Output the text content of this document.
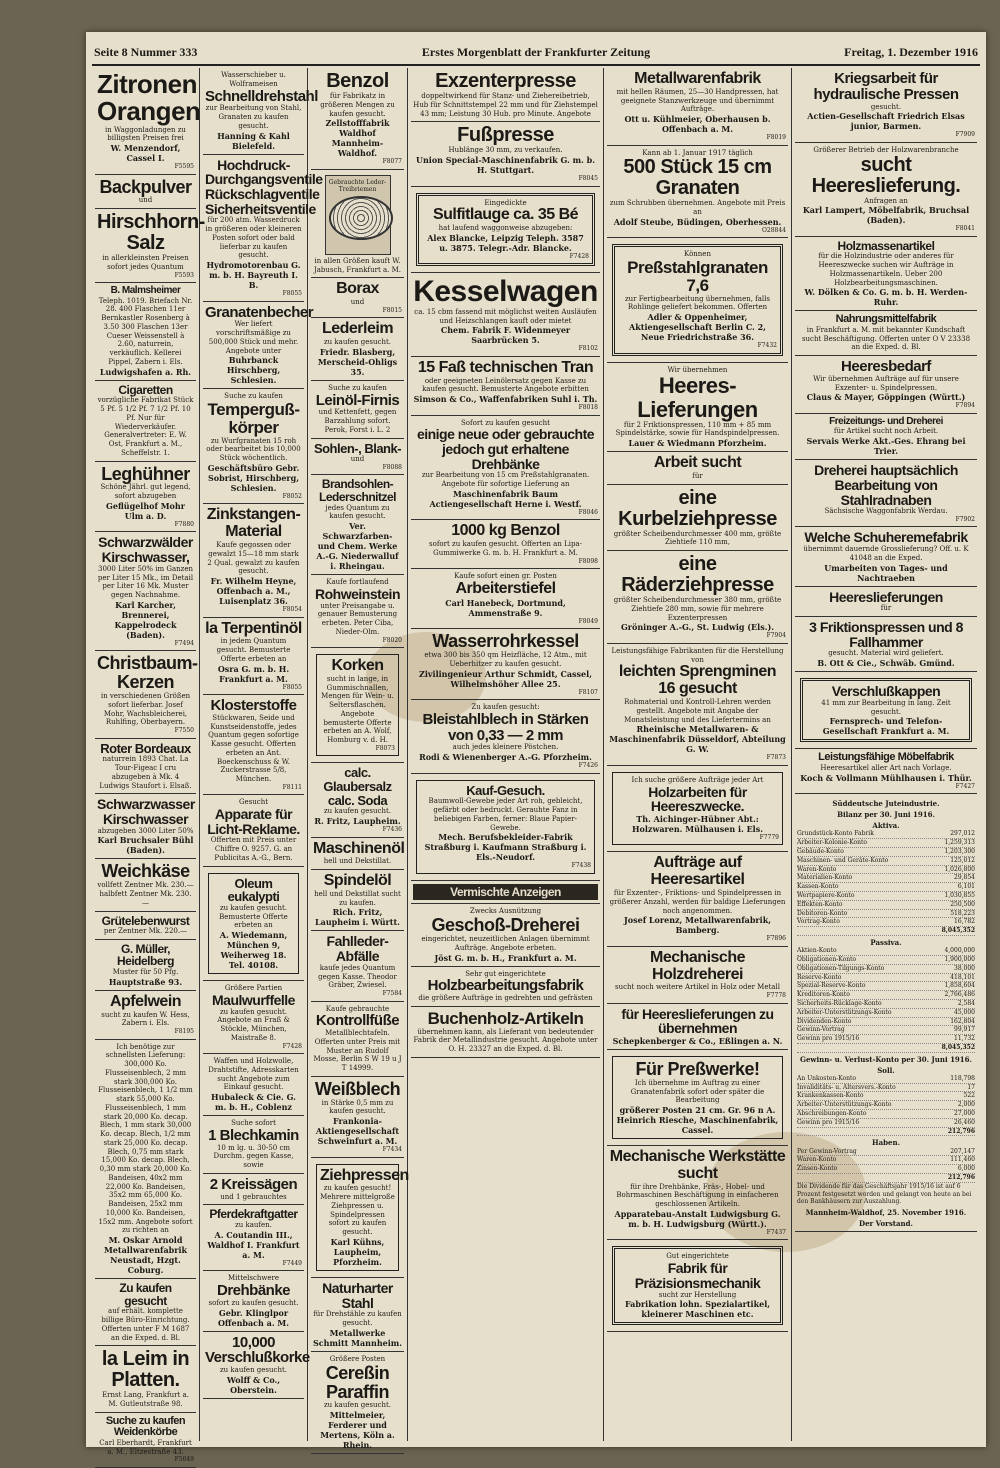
Seite 8 Nummer 333	Erstes Morgenblatt der Frankfurter Zeitung	Freitag, 1. Dezember 1916
Zitronen Orangen
in Waggonladungen zu billigsten Preisen frei
W. Menzendorf, Cassel I.
F5595
Backpulver
und
Hirschhorn-Salz
in allerkleinsten Preisen sofort jedes Quantum
F5593
B. Malmsheimer
Teleph. 1019. Briefach Nr. 28. 400 Flaschen 11er Bernkastler Rosenberg à 3.50 300 Flaschen 13er Cueser Weissenstell à 2.60, naturrein, verkäuflich. Kellerei Pippel, Zabern i. Els.
Ludwigshafen a. Rh.
Cigaretten
vorzügliche Fabrikat Stück 5 Pf. 5 1/2 Pf. 7 1/2 Pf. 10 Pf. Nur für Wiederverkäufer. Generalvertreter: E. W. Ost, Frankfurt a. M., Scheffelstr. 1.
Leghühner
Schöne Jährl. gut legend, sofort abzugeben
Geflügelhof Mohr Ulm a. D.
F7880
Schwarzwälder Kirschwasser,
3000 Liter 50% im Ganzen per Liter 15 Mk., im Detail per Liter 16 Mk. Muster gegen Nachnahme.
Karl Karcher, Brennerei, Kappelrodeck (Baden).
F7494
Christbaum-Kerzen
in verschiedenen Größen sofort lieferbar. Josef Mohr, Wachsbleicherei, Ruhlfing, Oberbayern.
F7550
Roter Bordeaux
naturrein 1893 Chat. La Tour-Figeac I cru abzugeben à Mk. 4 Ludwigs Staufort i. Elsaß.
Schwarzwasser Kirschwasser
abzugeben 3000 Liter 50%
Karl Bruchsaler Bühl (Baden).
Weichkäse
vollfett Zentner Mk. 230.— halbfett Zentner Mk. 230.—
Grütelebenwurst
per Zentner Mk. 220.—
G. Müller, Heidelberg
Muster für 50 Pfg.
Hauptstraße 93.
Apfelwein
sucht zu kaufen W. Hess, Zabern i. Els.
F8195
Ich benötige zur schnellsten Lieferung: 300,000 Ko. Flusseisenblech, 2 mm stark 300,000 Ko. Flusseisenblech, 1 1/2 mm stark 55,000 Ko. Flusseisenblech, 1 mm stark 20,000 Ko. decap. Blech, 1 mm stark 30,000 Ko. decap. Blech, 1/2 mm stark 25,000 Ko. decap. Blech, 0,75 mm stark 15,000 Ko. decap. Blech, 0,30 mm stark 20,000 Ko. Bandeisen, 40x2 mm 22,000 Ko. Bandeisen, 35x2 mm 65,000 Ko. Bandeisen, 25x2 mm 10,000 Ko. Bandeisen, 15x2 mm. Angebote sofort zu richten an
M. Oskar Arnold Metallwarenfabrik Neustadt, Hzgt. Coburg.
Zu kaufen gesucht
auf erhält. komplette billige Büro-Einrichtung. Offerten unter F M 1687 an die Exped. d. Bl.
la Leim in Platten.
Ernst Lang, Frankfurt a. M. Gutleutstraße 98.
Suche zu kaufen Weidenkörbe
Carl Eberhardt, Frankfurt a. M., Eltzestraße 43.
F5049
Wasserschieber u. Wolframeisen
Schnelldrehstahl
zur Bearbeitung von Stahl, Granaten zu kaufen gesucht.
Hanning & Kahl Bielefeld.
Hochdruck-Durchgangsventile Rückschlagventile Sicherheitsventile
für 200 atm. Wasserdruck in größeren oder kleineren Posten sofort oder bald lieferbar zu kaufen gesucht.
Hydromotorenbau G. m. b. H. Bayreuth I. B.
F8055
Granatenbecher
Wer liefert vorschriftsmäßige zu 500,000 Stück und mehr. Angebote unter
Buhrbanck Hirschberg, Schlesien.
Suche zu kaufen
Temperguß-körper
zu Wurfgranaten 15 roh oder bearbeitet bis 10,000 Stück wöchentlich.
Geschäftsbüro Gebr. Sobrist, Hirschberg, Schlesien.
F8052
Zinkstangen-Material
Kaufe gegossen oder gewalzt 15—18 mm stark 2 Qual. gewalzt zu kaufen gesucht.
Fr. Wilhelm Heyne, Offenbach a. M., Luisenplatz 36.
F8054
la Terpentinöl
in jedem Quantum gesucht. Bemusterte Offerte erbeten an
Osra G. m. b. H. Frankfurt a. M.
F8055
Klosterstoffe
Stückwaren, Seide und Kunstseidenstoffe, jedes Quantum gegen sofortige Kasse gesucht. Offerten erbeten an Ant. Boeckenschuss & W. Zuckerstrasse 5/8, München.
F8111
Gesucht
Apparate für Licht-Reklame.
Offerten mit Preis unter Chiffre O. 9257. G. an Publicitas A.-G., Bern.
Oleum eukalypti
zu kaufen gesucht. Bemusterte Offerte erbeten an
A. Wiedemann, München 9, Weiherweg 18. Tel. 40108.
Größere Partien
Maulwurffelle
zu kaufen gesucht. Angebote an Fraß & Stöckle, München, Maistraße 8.
F7428
Waffen und Holzwolle, Drahtstifte, Adresskarten sucht Angebote zum Einkauf gesucht.
Hubaleck & Cie. G. m. b. H., Coblenz
Suche sofort
1 Blechkamin
10 m lg. u. 30-50 cm Durchm. gegen Kasse, sowie
2 Kreissägen
und 1 gebrauchtes
Pferdekraftgatter
zu kaufen.
A. Coutandin III., Waldhof I. Frankfurt a. M.
F7449
Mittelschwere
Drehbänke
sofort zu kaufen gesucht.
Gebr. Klinglpor Offenbach a. M.
10,000 Verschlußkorke
zu kaufen gesucht.
Wolff & Co., Oberstein.
Benzol
für Fabrikatz in größeren Mengen zu kaufen gesucht.
Zellstofffabrik Waldhof Mannheim-Waldhof.
F8077
Gebrauchte Leder-Treibriemen
in allen Größen kauft W. Jabusch, Frankfurt a. M.
Borax
und
F8015
Lederleim
zu kaufen gesucht.
Friedr. Blasberg, Merscheid-Ohligs 35.
Suche zu kaufen
Leinöl-Firnis
und Kettenfett, gegen Barzahlung sofort. Perok, Forst i. L. 2
Sohlen-, Blank-
und
F8088
Brandsohlen-Lederschnitzel
jedes Quantum zu kaufen gesucht.
Ver. Schwarzfarben- und Chem. Werke A.-G. Niederwalluf i. Rheingau.
Kaufe fortlaufend
Rohweinstein
unter Preisangabe u. genauer Bemusterung erbeten. Peter Ciba, Nieder-Olm.
F8020
Korken
sucht in lange, in Gummischnallen, Mengen für Wein- u. Seltersflaschen. Angebote bemusterte Offerte erbeten an A. Wolf, Homburg v. d. H.
F8073
calc. Glaubersalz calc. Soda
zu kaufen gesucht.
R. Fritz, Laupheim.
F7436
Maschinenöl
hell und Dekstillat.
Spindelöl
hell und Dekstillat sucht zu kaufen.
Rich. Fritz, Laupheim i. Württ.
Fahlleder-Abfälle
kaufe jedes Quantum gegen Kasse. Theodor Gräber, Zwiesel.
F7584
Kaufe gebrauchte
Kontrollfüße
Metallblechtafeln. Offerten unter Preis mit Muster an Rudolf Mosse, Berlin S W 19 u J T 14999.
Weißblech
in Stärke 0,5 mm zu kaufen gesucht.
Frankonia-Aktiengesellschaft Schweinfurt a. M.
F7434
Ziehpressen
zu kaufen gesucht! Mehrere mittelgroße Ziehpressen u. Spindelpressen sofort zu kaufen gesucht.
Karl Kühns, Laupheim, Pforzheim.
Naturharter Stahl
für Drehstähle zu kaufen gesucht.
Metallwerke Schmitt Mannheim.
Größere Posten
Cereßin Paraffin
zu kaufen gesucht.
Mittelmeier, Ferderer und Mertens, Köln a. Rhein.
Exzenterpresse
doppeltwirkend für Stanz- und Ziehereibetrieb, Hub für Schnittstempel 22 mm und für Ziehstempel 43 mm; Leistung 30 Hub. pro Minute. Angebote
Fußpresse
Hublänge 30 mm, zu verkaufen.
Union Special-Maschinenfabrik G. m. b. H. Stuttgart.
F8045
Eingedickte
Sulfitlauge ca. 35 Bé
hat laufend waggonweise abzugeben:
Alex Blancke, Leipzig Teleph. 3587 u. 3875. Telegr.-Adr. Blancke.
F7428
Kesselwagen
ca. 15 cbm fassend mit möglichst weiten Ausläufen und Heizschlangen kauft oder mietet
Chem. Fabrik F. Widenmeyer Saarbrücken 5.
F8102
15 Faß technischen Tran
oder geeigneten Leinölersatz gegen Kasse zu kaufen gesucht. Bemusterte Angebote erbitten
Simson & Co., Waffenfabriken Suhl i. Th.
F8018
Sofort zu kaufen gesucht
einige neue oder gebrauchte jedoch gut erhaltene Drehbänke
zur Bearbeitung von 15 cm Preßstahlgranaten. Angebote für sofortige Lieferung an
Maschinenfabrik Baum Actiengesellschaft Herne i. Westf.
F8046
1000 kg Benzol
sofort zu kaufen gesucht. Offerten an Lipa-Gummiwerke G. m. b. H. Frankfurt a. M.
F8098
Kaufe sofort einen gr. Posten
Arbeiterstiefel
Carl Hanebeck, Dortmund, Ammenstraße 9.
F8049
Wasserrohrkessel
etwa 300 bis 350 qm Heizfläche, 12 Atm., mit Ueberhitzer zu kaufen gesucht.
Zivilingenieur Arthur Schmidt, Cassel, Wilhelmshöher Allee 25.
F8107
Zu kaufen gesucht:
Bleistahlblech in Stärken von 0,33 — 2 mm
auch jedes kleinere Pöstchen.
Rodi & Wienenberger A.-G. Pforzheim.
F7426
Kauf-Gesuch.
Baumwoll-Gewebe jeder Art roh, gebleicht, gefärbt oder bedruckt. Gerauhte Fanz in beliebigen Farben, ferner: Blaue Papier-Gewebe.
Mech. Berufsbekleider-Fabrik Straßburg i. Kaufmann Straßburg i. Els.-Neudorf.
F7438
Vermischte Anzeigen
Zwecks Ausnützung
Geschoß-Dreherei
eingerichtet, neuzeitlichen Anlagen übernimmt Aufträge. Angebote erbeten.
Jöst G. m. b. H., Frankfurt a. M.
Sehr gut eingerichtete
Holzbearbeitungsfabrik
die größere Aufträge in gedrehten und gefrästen
Buchenholz-Artikeln
übernehmen kann, als Lieferant von bedeutender Fabrik der Metallindustrie gesucht. Angebote unter O. H. 23327 an die Exped. d. Bl.
Metallwarenfabrik
mit hellen Räumen, 25—30 Handpressen, hat geeignete Stanzwerkzeuge und übernimmt Aufträge.
Ott u. Kühlmeier, Oberhausen b. Offenbach a. M.
F8019
Kann ab 1. Januar 1917 täglich
500 Stück 15 cm Granaten
zum Schrubben übernehmen. Angebote mit Preis an
Adolf Steube, Büdingen, Oberhessen.
O28844
Können
Preßstahlgranaten 7,6
zur Fertigbearbeitung übernehmen, falls Rohlinge geliefert bekommen. Offerten
Adler & Oppenheimer, Aktiengesellschaft Berlin C. 2, Neue Friedrichstraße 36.
F7432
Wir übernehmen
Heeres-Lieferungen
für 2 Friktionspressen, 110 mm + 85 mm Spindelstärke, sowie für Handspindelpressen.
Lauer & Wiedmann Pforzheim.
Arbeit sucht
für
eine Kurbelziehpresse
größter Scheibendurchmesser 400 mm, größte Ziehtiefe 110 mm,
eine Räderziehpresse
größter Scheibendurchmesser 380 mm, größte Ziehtiefe 280 mm, sowie für mehrere Exzenterpressen
Gröninger A.-G., St. Ludwig (Els.).
F7904
Leistungsfähige Fabrikanten für die Herstellung von
leichten Sprengminen 16 gesucht
Rohmaterial und Kontroll-Lehren werden gestellt. Angebote mit Angabe der Monatsleistung und des Liefertermins an
Rheinische Metallwaren- & Maschinenfabrik Düsseldorf, Abteilung G. W.
F7873
Ich suche größere Aufträge jeder Art
Holzarbeiten für Heereszwecke.
Th. Aichinger-Hübner Abt.: Holzwaren. Mülhausen i. Els.
F7779
Aufträge auf Heeresartikel
für Exzenter-, Friktions- und Spindelpressen in größerer Anzahl, werden für baldige Lieferungen noch angenommen.
Josef Lorenz, Metallwarenfabrik, Bamberg.
F7896
Mechanische Holzdreherei
sucht noch weitere Artikel in Holz oder Metall
F7778
für Heereslieferungen zu übernehmen
Schepkenberger & Co., Eßlingen a. N.
Für Preßwerke!
Ich übernehme im Auftrag zu einer Granatenfabrik sofort oder später die Bearbeitung
größerer Posten 21 cm. Gr. 96 n A. Heinrich Riesche, Maschinenfabrik, Cassel.
Mechanische Werkstätte sucht
für ihre Drehbänke, Fräs-, Hobel- und Bohrmaschinen Beschäftigung in einfacheren geschlossenen Artikeln.
Apparatebau-Anstalt Ludwigsburg G. m. b. H. Ludwigsburg (Württ.).
F7437
Gut eingerichtete
Fabrik für Präzisionsmechanik
sucht zur Herstellung
Fabrikation lohn. Spezialartikel, kleinerer Maschinen etc.
Kriegsarbeit für hydraulische Pressen
gesucht.
Actien-Gesellschaft Friedrich Elsas junior, Barmen.
F7909
Größerer Betrieb der Holzwarenbranche
sucht Heereslieferung.
Anfragen an
Karl Lampert, Möbelfabrik, Bruchsal (Baden).
F8041
Holzmassenartikel
für die Holzindustrie oder anderes für Heereszwecke suchen wir Aufträge in Holzmassenartikeln. Ueber 200 Holzbearbeitungsmaschinen.
W. Dölken & Co. G. m. b. H. Werden-Ruhr.
Nahrungsmittelfabrik
in Frankfurt a. M. mit bekannter Kundschaft sucht Beschäftigung. Offerten unter O V 23338 an die Exped. d. Bl.
Heeresbedarf
Wir übernehmen Aufträge auf für unsere Exzenter- u. Spindelpressen.
Claus & Mayer, Göppingen (Württ.)
F7894
Freizeitungs- und Dreherei
für Artikel sucht noch Arbeit.
Servais Werke Akt.-Ges. Ehrang bei Trier.
Dreherei hauptsächlich Bearbeitung von Stahlradnaben
Sächsische Waggonfabrik Werdau.
F7902
Welche Schuheremefabrik
übernimmt dauernde Grosslieferung? Off. u. K 41048 an die Exped.
Umarbeiten von Tages- und Nachtraeben
Heereslieferungen
für
3 Friktionspressen und 8 Fallhammer
gesucht. Material wird geliefert.
B. Ott & Cie., Schwäb. Gmünd.
Verschlußkappen
41 mm zur Bearbeitung in lang. Zeit gesucht.
Fernsprech- und Telefon-Gesellschaft Frankfurt a. M.
Leistungsfähige Möbelfabrik
Heeresartikel aller Art nach Vorlage.
Koch & Vollmann Mühlhausen i. Thür.
F7427
Süddeutsche Juteindustrie.
Bilanz per 30. Juni 1916.
Aktiva.
Grundstück-Konto Fabrik	297,012
Arbeiter-Kolonie-Konto	1,259,313
Gebäude-Konto	1,203,300
Maschinen- und Geräte-Konto	125,012
Waren-Konto	1,026,800
Materialien-Konto	29,854
Kassen-Konto	6,101
Wertpapiere-Konto	1,030,855
Effekten-Konto	250,500
Debitoren-Konto	518,223
Vortrag-Konto	16,782
8,045,352
Passiva.
Aktien-Konto	4,000,000
Obligationen-Konto	1,900,000
Obligationen-Tilgungs-Konto	38,000
Reserve-Konto	418,101
Spezial-Reserve-Konto	1,858,604
Kreditoren-Konto	2,766,486
Sicherheits-Rücklage-Konto	2,584
Arbeiter-Unterstützungs-Konto	45,000
Dividenden-Konto	162,804
Gewinn-Vortrag	99,917
Gewinn pro 1915/16	11,732
8,045,352
Gewinn- u. Verlust-Konto per 30. Juni 1916.
Soll.
An Unkosten-Konto	118,798
Invaliditäts- u. Altersvers.-Konto	17
Krankenkassen-Konto	522
Arbeiter-Unterstützungs-Konto	2,000
Abschreibungen-Konto	27,000
Gewinn pro 1915/16	26,460
212,796
Haben.
Per Gewinn-Vortrag	207,147
Waren-Konto	111,460
Zinsen-Konto	6,000
212,796
Die Dividende für das Geschäftsjahr 1915/16 ist auf 6 Prozent festgesetzt worden und gelangt von heute an bei den Bankhäusern zur Auszahlung.
Mannheim-Waldhof, 25. November 1916.
Der Vorstand.
